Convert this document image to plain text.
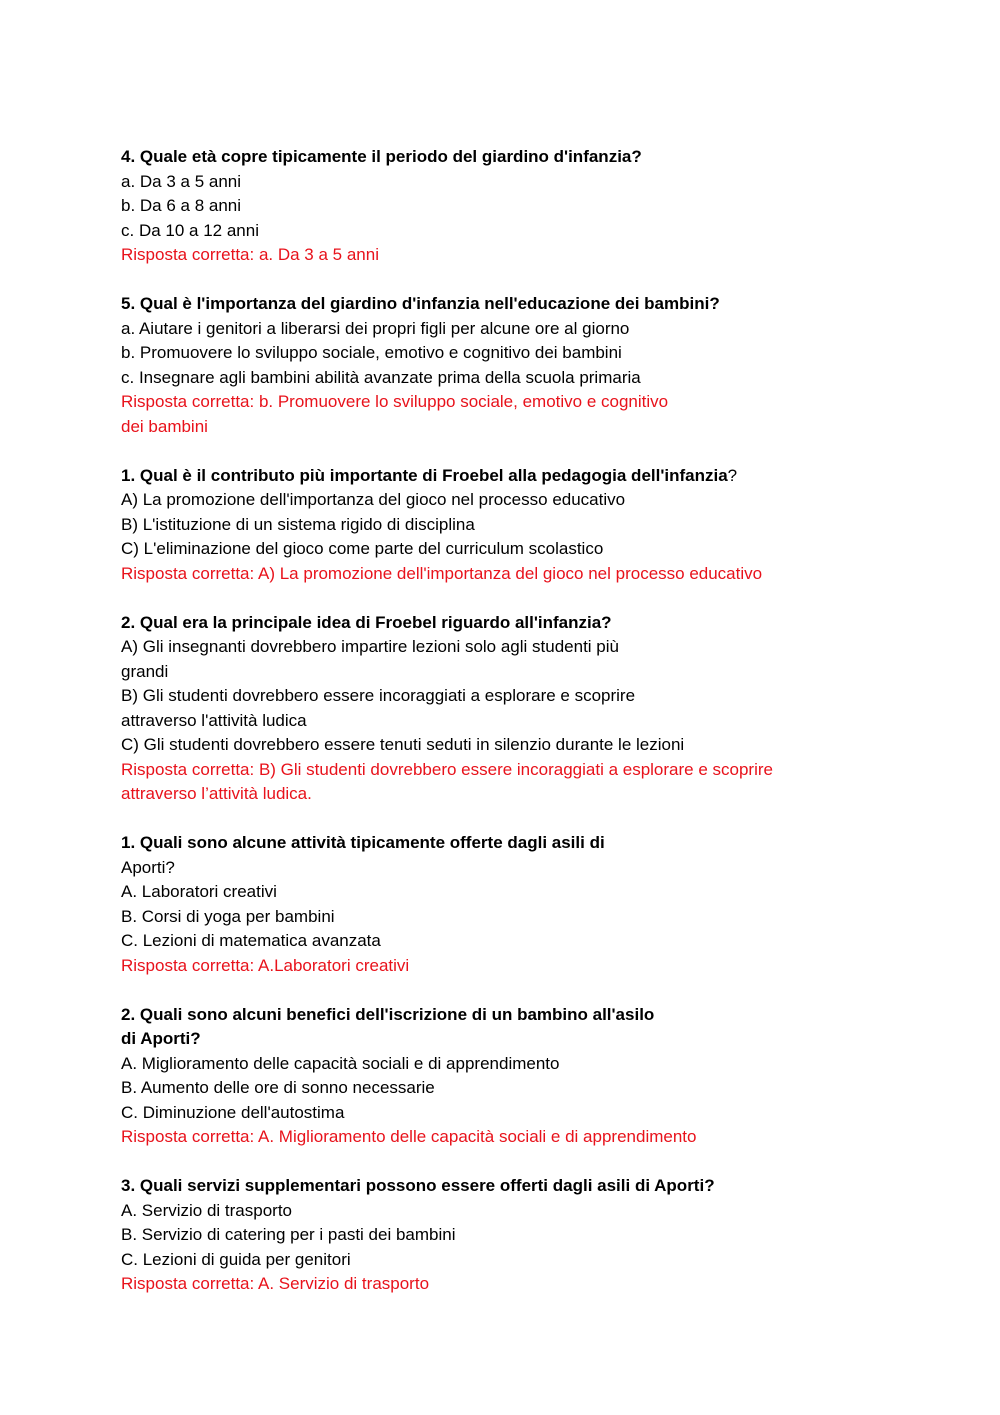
4. Quale età copre tipicamente il periodo del giardino d'infanzia?
a. Da 3 a 5 anni
b. Da 6 a 8 anni
c. Da 10 a 12 anni
Risposta corretta: a. Da 3 a 5 anni
5. Qual è l'importanza del giardino d'infanzia nell'educazione dei bambini?
a. Aiutare i genitori a liberarsi dei propri figli per alcune ore al giorno
b. Promuovere lo sviluppo sociale, emotivo e cognitivo dei bambini
c. Insegnare agli bambini abilità avanzate prima della scuola primaria
Risposta corretta: b. Promuovere lo sviluppo sociale, emotivo e cognitivo
dei bambini
1. Qual è il contributo più importante di Froebel alla pedagogia dell'infanzia?
A) La promozione dell'importanza del gioco nel processo educativo
B) L'istituzione di un sistema rigido di disciplina
C) L'eliminazione del gioco come parte del curriculum scolastico
Risposta corretta: A) La promozione dell'importanza del gioco nel processo educativo
2. Qual era la principale idea di Froebel riguardo all'infanzia?
A) Gli insegnanti dovrebbero impartire lezioni solo agli studenti più
grandi
B) Gli studenti dovrebbero essere incoraggiati a esplorare e scoprire
attraverso l'attività ludica
C) Gli studenti dovrebbero essere tenuti seduti in silenzio durante le lezioni
Risposta corretta: B) Gli studenti dovrebbero essere incoraggiati a esplorare e scoprire
attraverso l’attività ludica.
1. Quali sono alcune attività tipicamente offerte dagli asili di
Aporti?
A. Laboratori creativi
B. Corsi di yoga per bambini
C. Lezioni di matematica avanzata
Risposta corretta: A.Laboratori creativi
2. Quali sono alcuni benefici dell'iscrizione di un bambino all'asilo
di Aporti?
A. Miglioramento delle capacità sociali e di apprendimento
B. Aumento delle ore di sonno necessarie
C. Diminuzione dell'autostima
Risposta corretta: A. Miglioramento delle capacità sociali e di apprendimento
3. Quali servizi supplementari possono essere offerti dagli asili di Aporti?
A. Servizio di trasporto
B. Servizio di catering per i pasti dei bambini
C. Lezioni di guida per genitori
Risposta corretta: A. Servizio di trasporto
